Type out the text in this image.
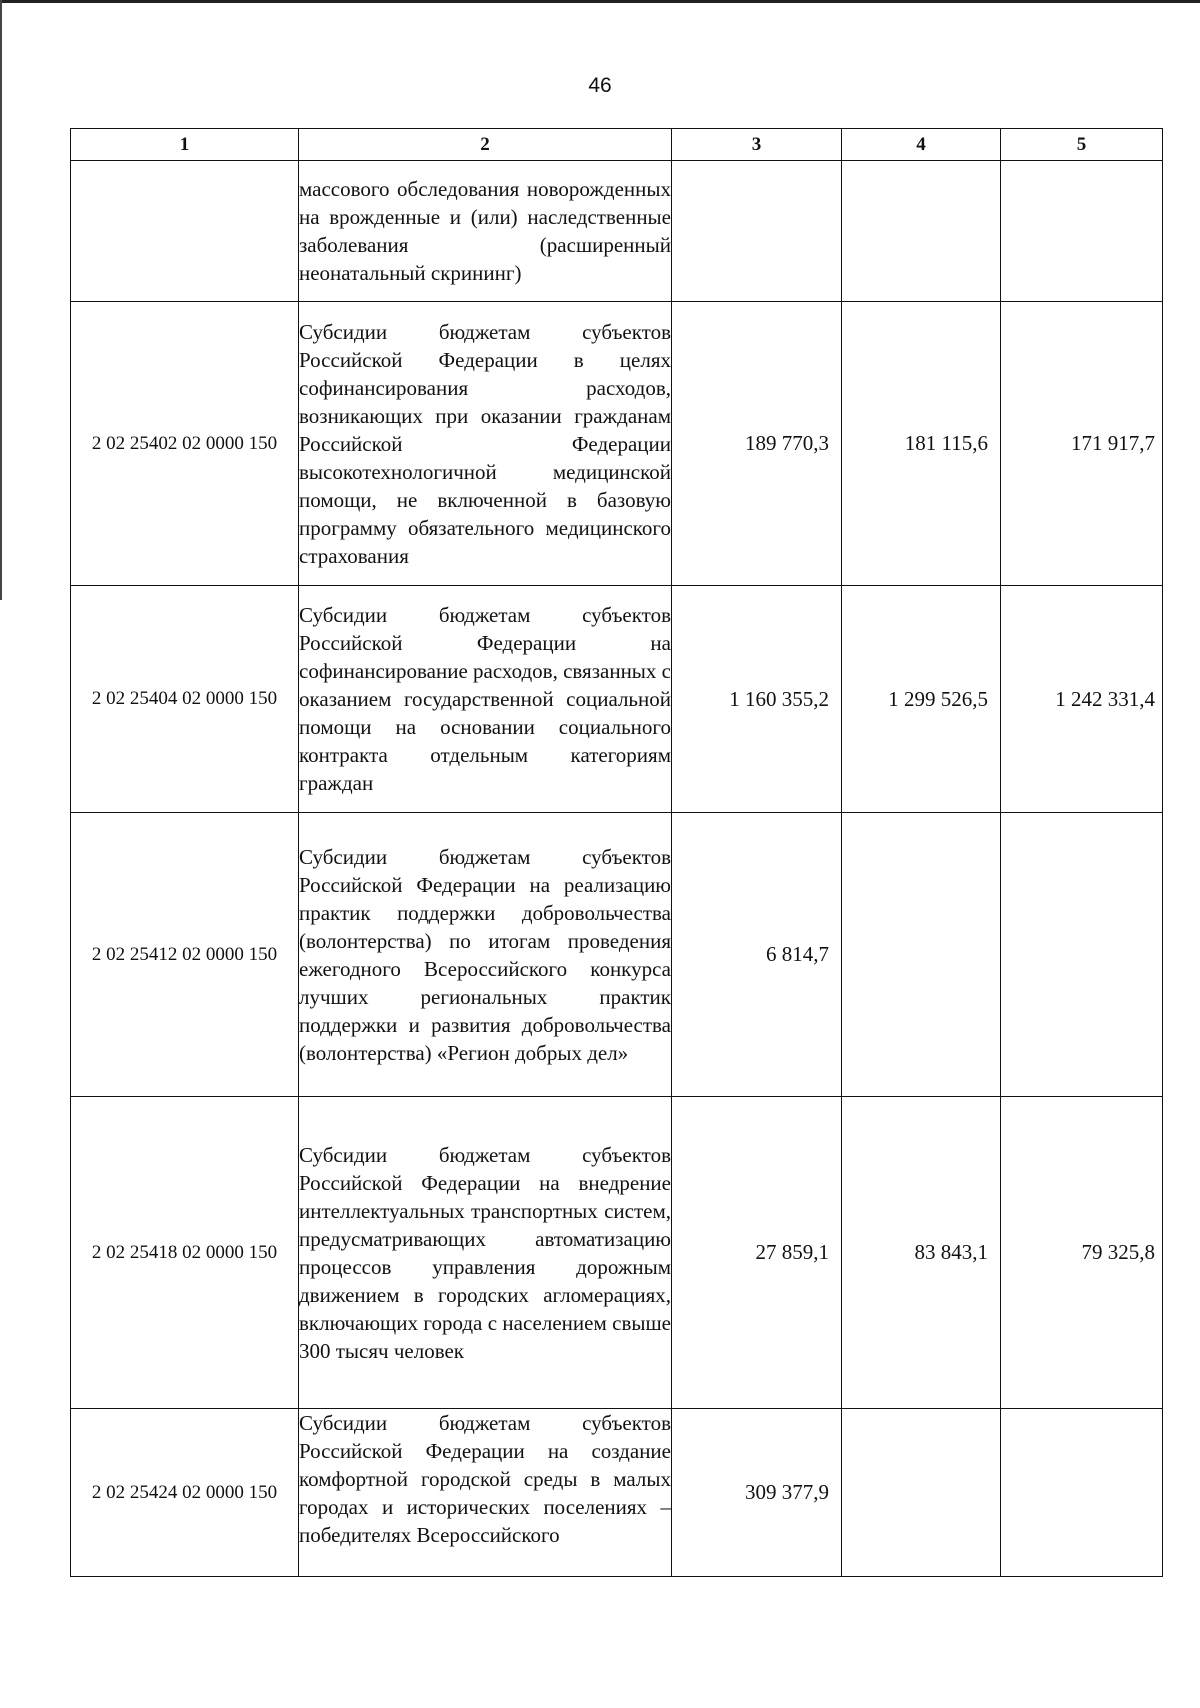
46
1	2	3	4	5

	массового обследования новорожденных на врожденные и (или) наследственные заболевания (расширенный неонатальный скрининг)			

2 02 25402 02 0000 150	Субсидии бюджетам субъектов Российской Федерации в целях софинансирования расходов, возникающих при оказании гражданам Российской Федерации высокотехнологичной медицинской помощи, не включенной в базовую программу обязательного медицинского страхования	189 770,3	181 115,6	171 917,7
2 02 25404 02 0000 150	Субсидии бюджетам субъектов Российской Федерации на софинансирование расходов, связанных с оказанием государственной социальной помощи на основании социального контракта отдельным категориям граждан	1 160 355,2	1 299 526,5	1 242 331,4
2 02 25412 02 0000 150	Субсидии бюджетам субъектов Российской Федерации на реализацию практик поддержки добровольчества (волонтерства) по итогам проведения ежегодного Всероссийского конкурса лучших региональных практик поддержки и развития добровольчества (волонтерства) «Регион добрых дел»	6 814,7		
2 02 25418 02 0000 150	Субсидии бюджетам субъектов Российской Федерации на внедрение интеллектуальных транспортных систем, предусматривающих автоматизацию процессов управления дорожным движением в городских агломерациях, включающих города с населением свыше 300 тысяч человек	27 859,1	83 843,1	79 325,8
2 02 25424 02 0000 150	Субсидии бюджетам субъектов Российской Федерации на создание комфортной городской среды в малых городах и исторических поселениях – победителях Всероссийского	309 377,9		
